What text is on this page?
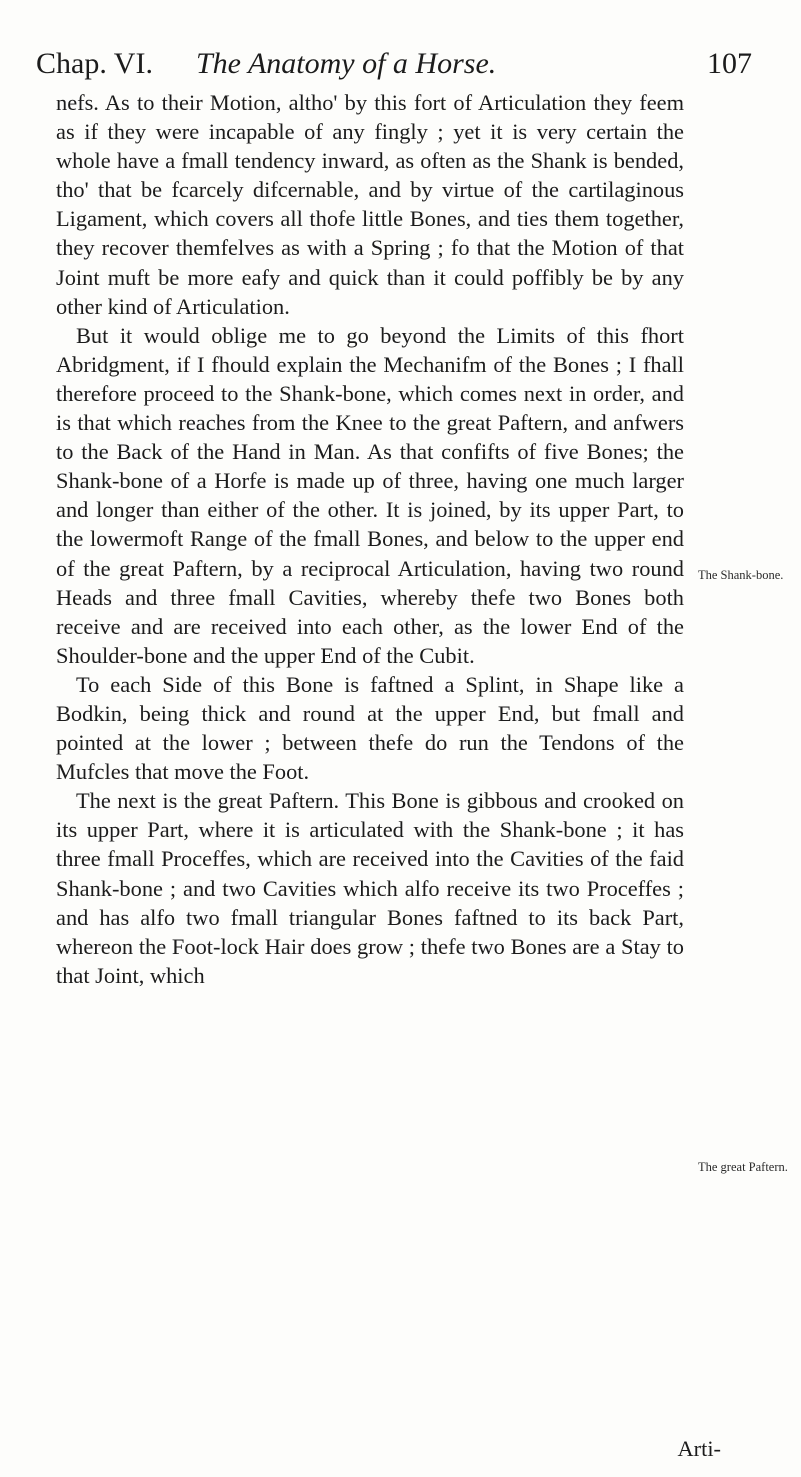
Chap. VI. The Anatomy of a Horse.	107

nefs. As to their Motion, altho' by this fort of Articulation they feem as if they were incapable of any fingly ; yet it is very certain the whole have a fmall tendency inward, as often as the Shank is bended, tho' that be fcarcely difcernable, and by virtue of the cartilaginous Ligament, which covers all thofe little Bones, and ties them together, they recover themfelves as with a Spring ; fo that the Motion of that Joint muft be more eafy and quick than it could poffibly be by any other kind of Articulation.

But it would oblige me to go beyond the Limits of this fhort Abridgment, if I fhould explain the Mechanifm of the Bones ; I fhall therefore proceed to the Shank-bone, which comes next in order, and is that which reaches from the Knee to the great Paftern, and anfwers to the Back of the Hand in Man. As that confifts of five Bones; the Shank-bone of a Horfe is made up of three, having one much larger and longer than either of the other. It is joined, by its upper Part, to the lowermoft Range of the fmall Bones, and below to the upper end of the great Paftern, by a reciprocal Articulation, having two round Heads and three fmall Cavities, whereby thefe two Bones both receive and are received into each other, as the lower End of the Shoulder-bone and the upper End of the Cubit.

To each Side of this Bone is faftned a Splint, in Shape like a Bodkin, being thick and round at the upper End, but fmall and pointed at the lower ; between thefe do run the Tendons of the Mufcles that move the Foot.

The next is the great Paftern. This Bone is gibbous and crooked on its upper Part, where it is articulated with the Shank-bone ; it has three fmall Proceffes, which are received into the Cavities of the faid Shank-bone ; and two Cavities which alfo receive its two Proceffes ; and has alfo two fmall triangular Bones faftned to its back Part, whereon the Foot-lock Hair does grow ; thefe two Bones are a Stay to that Joint, which

The Shank-bone.
The great Paftern.
Arti-
